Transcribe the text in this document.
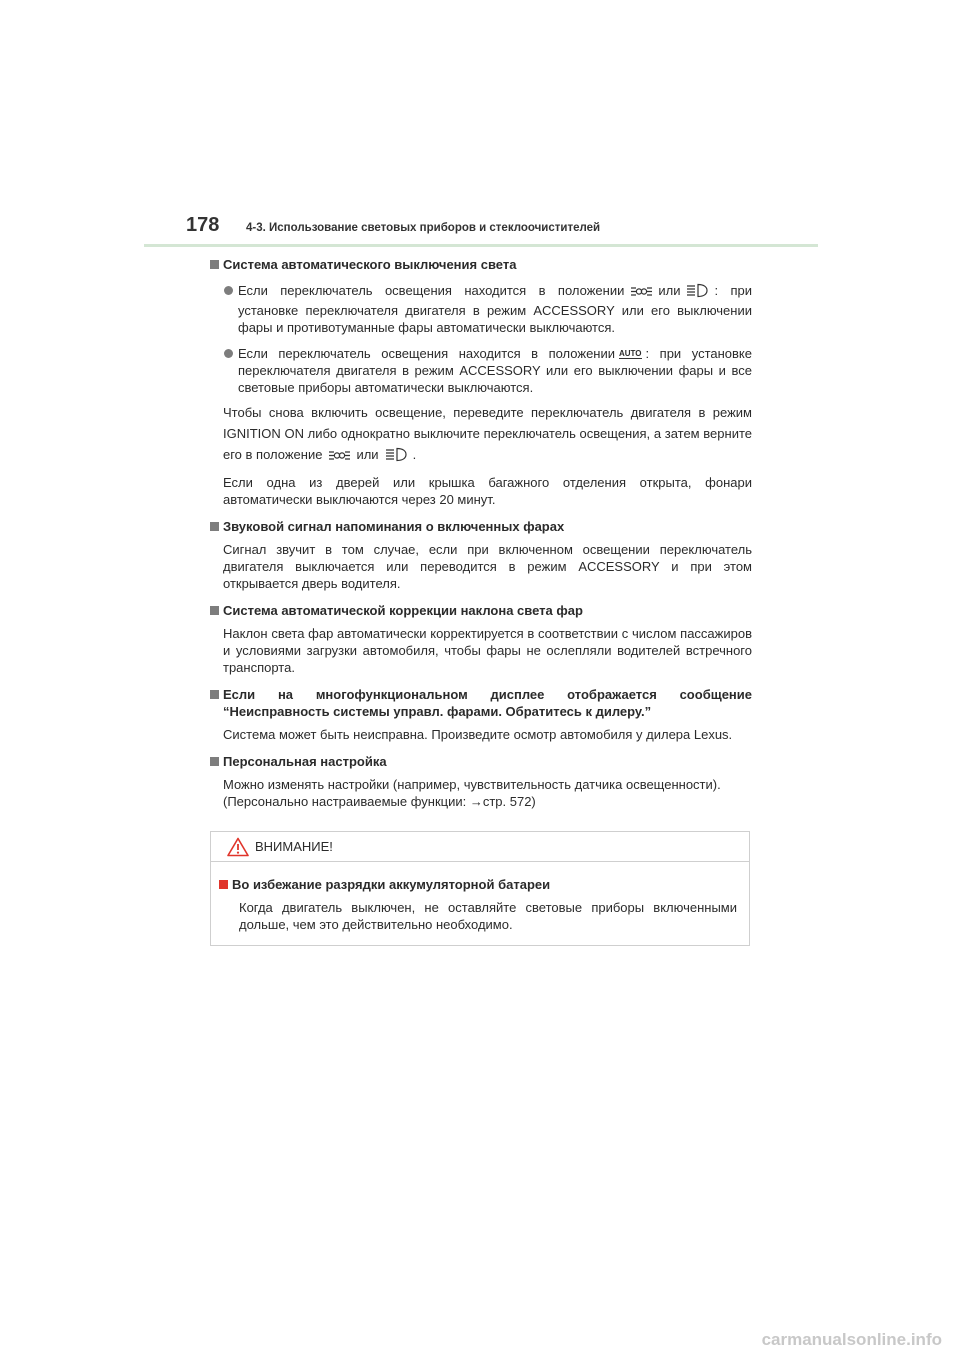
178 4-3. Использование световых приборов и стеклоочистителей
Система автоматического выключения света
Если переключатель освещения находится в положении	или	: при установке переключателя двигателя в режим ACCESSORY или его выключении фары и противотуманные фары автоматически выключаются.
Если переключатель освещения находится в положении AUTO : при установке переключателя двигателя в режим ACCESSORY или его выключении фары и все световые приборы автоматически выключаются.
Чтобы снова включить освещение, переведите переключатель двигателя в режим IGNITION ON либо однократно выключите переключатель освещения, а затем верните его в положение	или	.
Если одна из дверей или крышка багажного отделения открыта, фонари автоматически выключаются через 20 минут.
Звуковой сигнал напоминания о включенных фарах
Сигнал звучит в том случае, если при включенном освещении переключатель двигателя выключается или переводится в режим ACCESSORY и при этом открывается дверь водителя.
Система автоматической коррекции наклона света фар
Наклон света фар автоматически корректируется в соответствии с числом пассажиров и условиями загрузки автомобиля, чтобы фары не ослепляли водителей встречного транспорта.
Если на многофункциональном дисплее отображается сообщение “Неисправность системы управл. фарами. Обратитесь к дилеру.”
Система может быть неисправна. Произведите осмотр автомобиля у дилера Lexus.
Персональная настройка
Можно изменять настройки (например, чувствительность датчика освещенности).
(Персонально настраиваемые функции: →стр. 572)
ВНИМАНИЕ!
Во избежание разрядки аккумуляторной батареи
Когда двигатель выключен, не оставляйте световые приборы включенными дольше, чем это действительно необходимо.
carmanualsonline.info
